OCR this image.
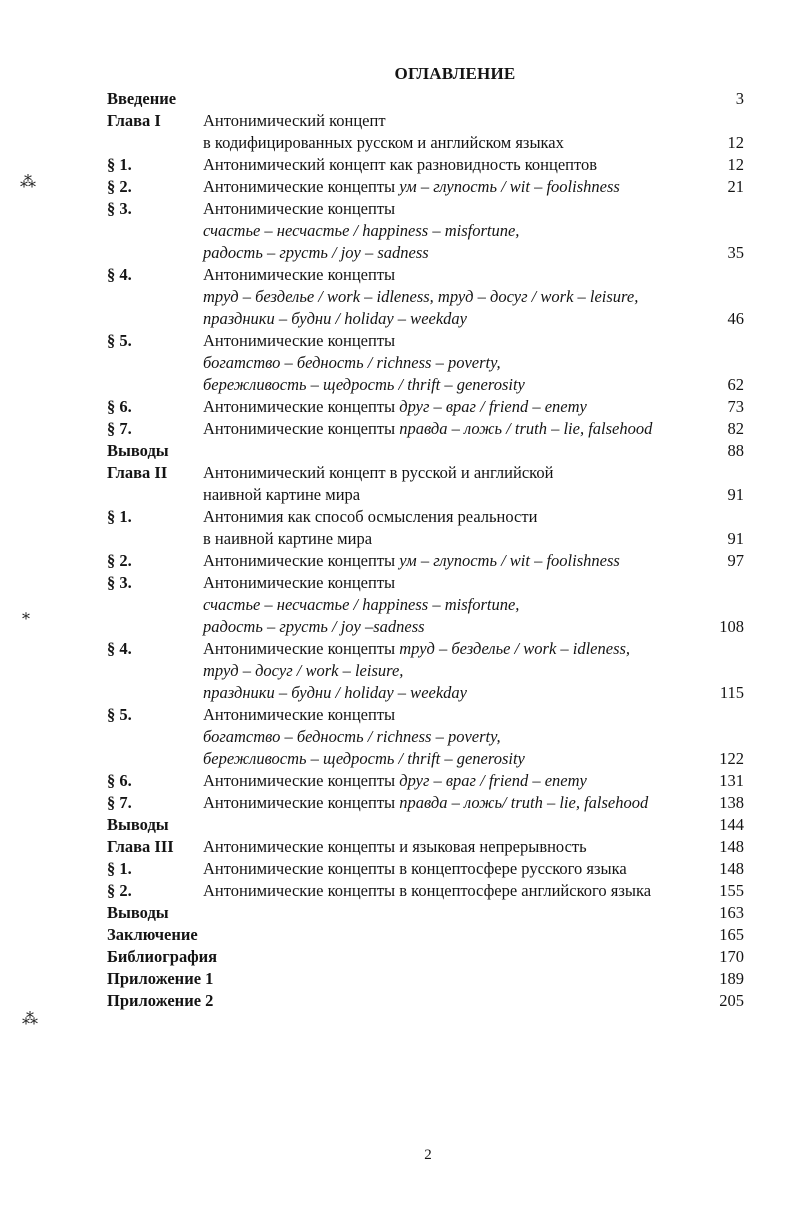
ОГЛАВЛЕНИЕ
Введение	3
Глава I	Антонимический концепт
в кодифицированных русском и английском языках	12
§ 1.	Антонимический концепт как разновидность концептов	12
§ 2.	Антонимические концепты ум – глупость / wit – foolishness	21
§ 3.	Антонимические концепты
счастье – несчастье / happiness – misfortune,
радость – грусть / joy – sadness	35
§ 4.	Антонимические концепты
труд – безделье / work – idleness, труд – досуг / work – leisure,
праздники – будни / holiday – weekday	46
§ 5.	Антонимические концепты
богатство – бедность / richness – poverty,
бережливость – щедрость / thrift – generosity	62
§ 6.	Антонимические концепты друг – враг / friend – enemy	73
§ 7.	Антонимические концепты правда – ложь / truth – lie, falsehood	82
Выводы	88
Глава II Антонимический концепт в русской и английской
наивной картине мира	91
§ 1.	Антонимия как способ осмысления реальности
в наивной картине мира	91
§ 2.	Антонимические концепты ум – глупость / wit – foolishness	97
§ 3.	Антонимические концепты
счастье – несчастье / happiness – misfortune,
радость – грусть / joy –sadness	108
§ 4.	Антонимические концепты труд – безделье / work – idleness,
труд – досуг / work – leisure,
праздники – будни / holiday – weekday	115
§ 5.	Антонимические концепты
богатство – бедность / richness – poverty,
бережливость – щедрость / thrift – generosity	122
§ 6.	Антонимические концепты друг – враг / friend – enemy	131
§ 7.	Антонимические концепты правда – ложь/ truth – lie, falsehood	138
Выводы	144
Глава III Антонимические концепты и языковая непрерывность	148
§ 1.	Антонимические концепты в концептосфере русского языка	148
§ 2.	Антонимические концепты в концептосфере английского языка	155
Выводы	163
Заключение	165
Библиография	170
Приложение 1	189
Приложение 2	205
⁂
⁎
⁂
2
